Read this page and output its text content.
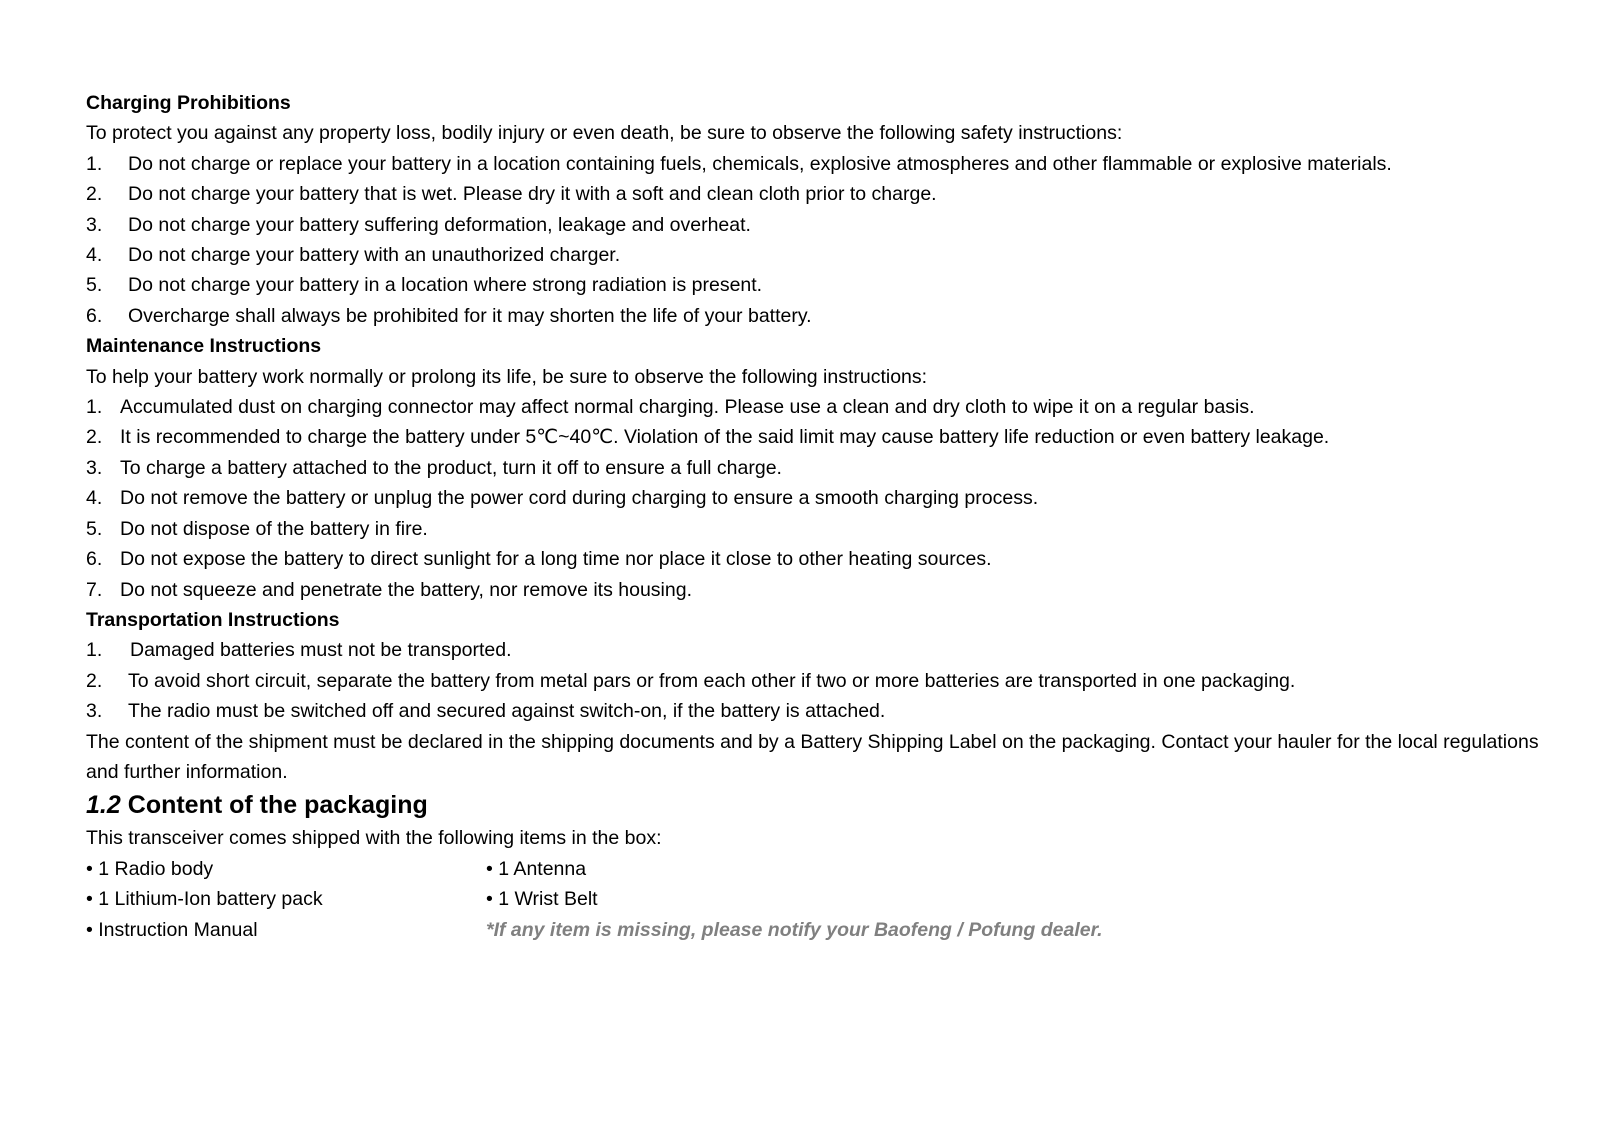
Charging Prohibitions

To protect you against any property loss, bodily injury or even death, be sure to observe the following safety instructions:

1.	Do not charge or replace your battery in a location containing fuels, chemicals, explosive atmospheres and other flammable or explosive materials.
2.	Do not charge your battery that is wet. Please dry it with a soft and clean cloth prior to charge.
3.	Do not charge your battery suffering deformation, leakage and overheat.
4.	Do not charge your battery with an unauthorized charger.
5.	Do not charge your battery in a location where strong radiation is present.
6.	Overcharge shall always be prohibited for it may shorten the life of your battery.

Maintenance Instructions

To help your battery work normally or prolong its life, be sure to observe the following instructions:

1. Accumulated dust on charging connector may affect normal charging. Please use a clean and dry cloth to wipe it on a regular basis.
2. It is recommended to charge the battery under 5℃~40℃. Violation of the said limit may cause battery life reduction or even battery leakage.
3. To charge a battery attached to the product, turn it off to ensure a full charge.
4. Do not remove the battery or unplug the power cord during charging to ensure a smooth charging process.
5. Do not dispose of the battery in fire.
6. Do not expose the battery to direct sunlight for a long time nor place it close to other heating sources.
7. Do not squeeze and penetrate the battery, nor remove its housing.

Transportation Instructions

1.	Damaged batteries must not be transported.
2.	To avoid short circuit, separate the battery from metal pars or from each other if two or more batteries are transported in one packaging.
3.	The radio must be switched off and secured against switch-on, if the battery is attached.

The content of the shipment must be declared in the shipping documents and by a Battery Shipping Label on the packaging. Contact your hauler for the local regulations and further information.

1.2 Content of the packaging

This transceiver comes shipped with the following items in the box:

• 1 Radio body	• 1 Antenna
• 1 Lithium-Ion battery pack	• 1 Wrist Belt
• Instruction Manual	*If any item is missing, please notify your Baofeng / Pofung dealer.
